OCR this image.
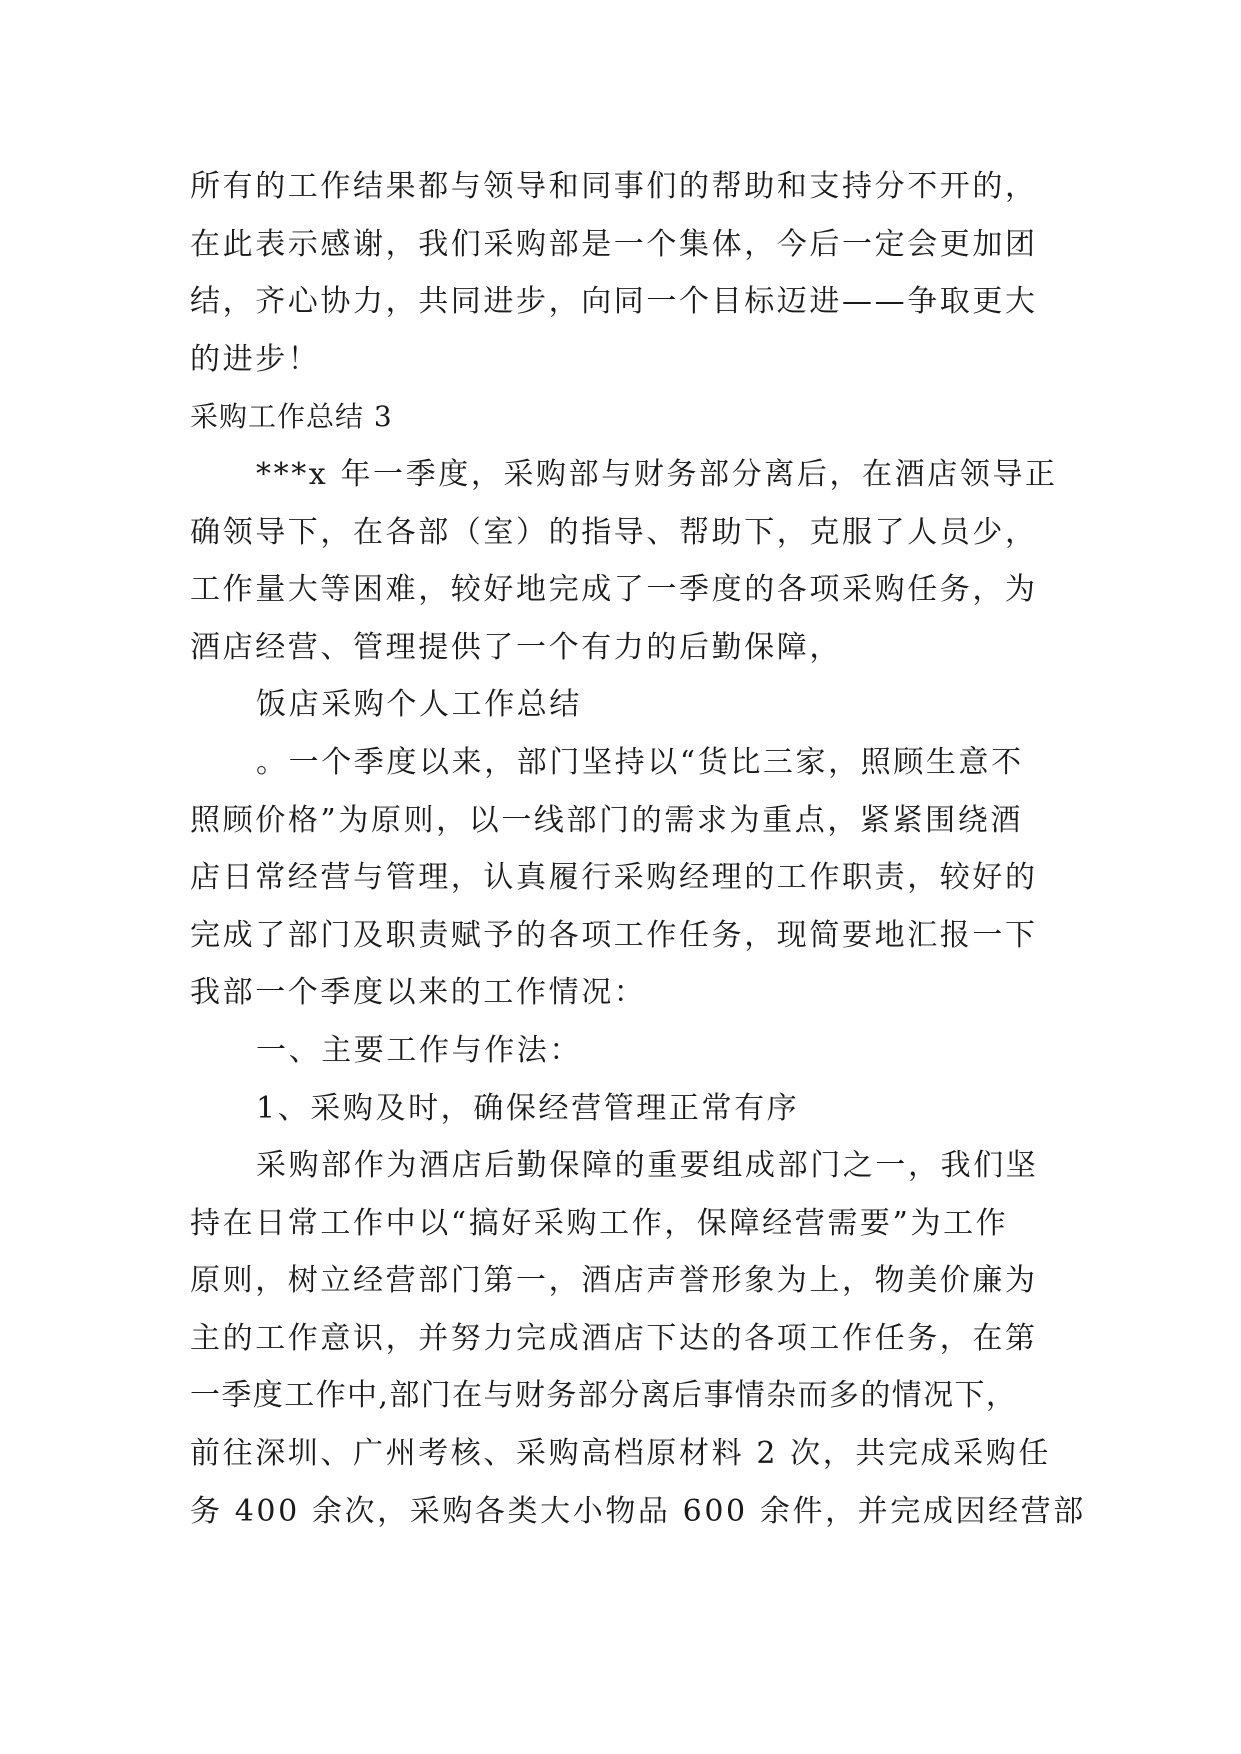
所有的工作结果都与领导和同事们的帮助和支持分不开的，
在此表示感谢，我们采购部是一个集体，今后一定会更加团
结，齐心协力，共同进步，向同一个目标迈进——争取更大
的进步！
采购工作总结 3
***x 年一季度，采购部与财务部分离后，在酒店领导正
确领导下，在各部（室）的指导、帮助下，克服了人员少，
工作量大等困难，较好地完成了一季度的各项采购任务，为
酒店经营、管理提供了一个有力的后勤保障，
饭店采购个人工作总结
。一个季度以来，部门坚持以“货比三家，照顾生意不
照顾价格”为原则，以一线部门的需求为重点，紧紧围绕酒
店日常经营与管理，认真履行采购经理的工作职责，较好的
完成了部门及职责赋予的各项工作任务，现简要地汇报一下
我部一个季度以来的工作情况：
一、主要工作与作法：
1、采购及时，确保经营管理正常有序
采购部作为酒店后勤保障的重要组成部门之一，我们坚
持在日常工作中以“搞好采购工作，保障经营需要”为工作
原则，树立经营部门第一，酒店声誉形象为上，物美价廉为
主的工作意识，并努力完成酒店下达的各项工作任务，在第
一季度工作中,部门在与财务部分离后事情杂而多的情况下，
前往深圳、广州考核、采购高档原材料 2 次，共完成采购任
务 400 余次，采购各类大小物品 600 余件，并完成因经营部
